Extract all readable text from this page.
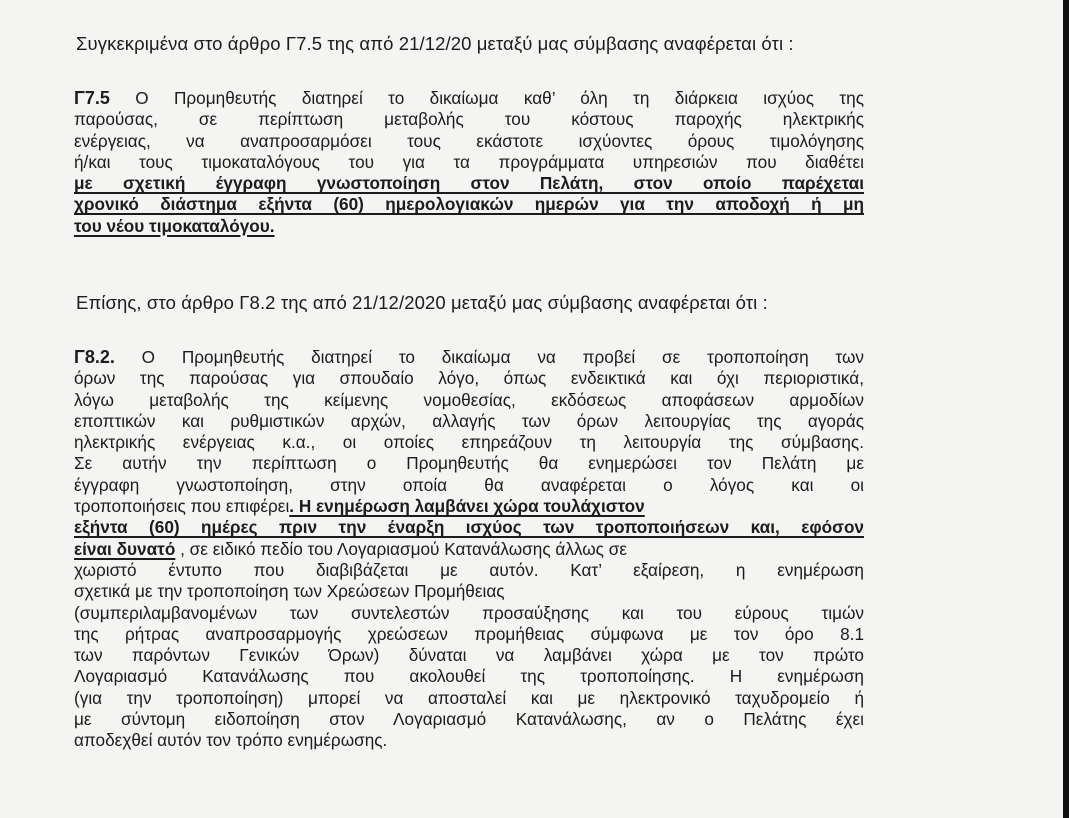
Συγκεκριμένα στο άρθρο Γ7.5 της από 21/12/20 μεταξύ μας σύμβασης αναφέρεται ότι :
Γ7.5 Ο Προμηθευτής διατηρεί το δικαίωμα καθ’ όλη τη διάρκεια ισχύος της
παρούσας, σε περίπτωση μεταβολής του κόστους παροχής ηλεκτρικής
ενέργειας, να αναπροσαρμόσει τους εκάστοτε ισχύοντες όρους τιμολόγησης
ή/και τους τιμοκαταλόγους του για τα προγράμματα υπηρεσιών που διαθέτει
με σχετική έγγραφη γνωστοποίηση στον Πελάτη, στον οποίο παρέχεται
χρονικό διάστημα εξήντα (60) ημερολογιακών ημερών για την αποδοχή ή μη
του νέου τιμοκαταλόγου.
Επίσης, στο άρθρο Γ8.2 της από 21/12/2020 μεταξύ μας σύμβασης αναφέρεται ότι :
Γ8.2. Ο Προμηθευτής διατηρεί το δικαίωμα να προβεί σε τροποποίηση των
όρων της παρούσας για σπουδαίο λόγο, όπως ενδεικτικά και όχι περιοριστικά,
λόγω μεταβολής της κείμενης νομοθεσίας, εκδόσεως αποφάσεων αρμοδίων
εποπτικών και ρυθμιστικών αρχών, αλλαγής των όρων λειτουργίας της αγοράς
ηλεκτρικής ενέργειας κ.α., οι οποίες επηρεάζουν τη λειτουργία της σύμβασης.
Σε αυτήν την περίπτωση ο Προμηθευτής θα ενημερώσει τον Πελάτη με
έγγραφη γνωστοποίηση, στην οποία θα αναφέρεται ο λόγος και οι
τροποποιήσεις που επιφέρει. Η ενημέρωση λαμβάνει χώρα τουλάχιστον
εξήντα (60) ημέρες πριν την έναρξη ισχύος των τροποποιήσεων και, εφόσον
είναι δυνατό , σε ειδικό πεδίο του Λογαριασμού Κατανάλωσης άλλως σε
χωριστό έντυπο που διαβιβάζεται με αυτόν. Κατ’ εξαίρεση, η ενημέρωση
σχετικά με την τροποποίηση των Χρεώσεων Προμήθειας
(συμπεριλαμβανομένων των συντελεστών προσαύξησης και του εύρους τιμών
της ρήτρας αναπροσαρμογής χρεώσεων προμήθειας σύμφωνα με τον όρο 8.1
των παρόντων Γενικών Όρων) δύναται να λαμβάνει χώρα με τον πρώτο
Λογαριασμό Κατανάλωσης που ακολουθεί της τροποποίησης. Η ενημέρωση
(για την τροποποίηση) μπορεί να αποσταλεί και με ηλεκτρονικό ταχυδρομείο ή
με σύντομη ειδοποίηση στον Λογαριασμό Κατανάλωσης, αν ο Πελάτης έχει
αποδεχθεί αυτόν τον τρόπο ενημέρωσης.
